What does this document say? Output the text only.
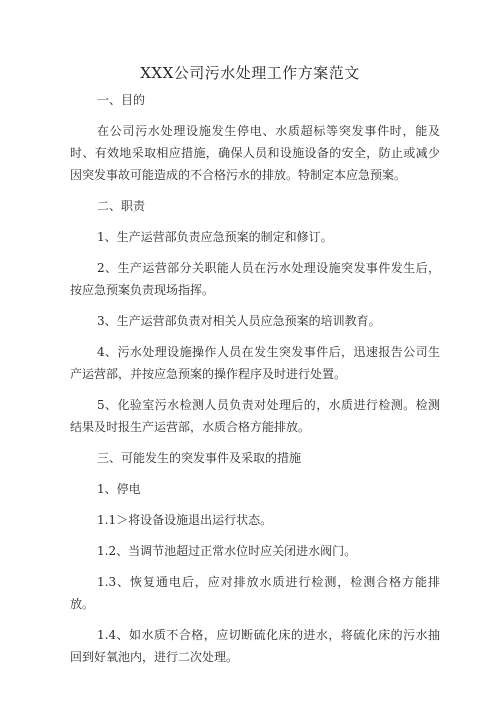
XXX公司污水处理工作方案范文

一、目的

在公司污水处理设施发生停电、水质超标等突发事件时，能及时、有效地采取相应措施，确保人员和设施设备的安全，防止或减少因突发事故可能造成的不合格污水的排放。特制定本应急预案。

二、职责

1、生产运营部负责应急预案的制定和修订。

2、生产运营部分关职能人员在污水处理设施突发事件发生后，按应急预案负责现场指挥。

3、生产运营部负责对相关人员应急预案的培训教育。

4、污水处理设施操作人员在发生突发事件后，迅速报告公司生产运营部，并按应急预案的操作程序及时进行处置。

5、化验室污水检测人员负责对处理后的，水质进行检测。检测结果及时报生产运营部，水质合格方能排放。

三、可能发生的突发事件及采取的措施

1、停电

1.1＞将设备设施退出运行状态。

1.2、当调节池超过正常水位时应关闭进水阀门。

1.3、恢复通电后，应对排放水质进行检测，检测合格方能排放。

1.4、如水质不合格，应切断硫化床的进水，将硫化床的污水抽回到好氧池内，进行二次处理。
